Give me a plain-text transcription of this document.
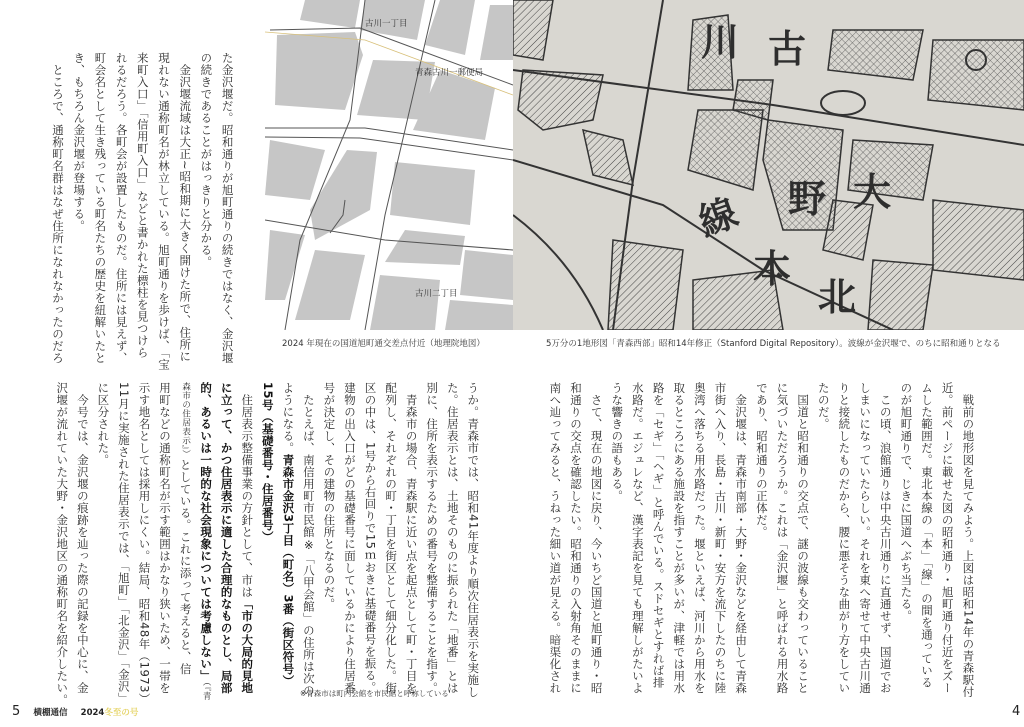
た金沢堰だ。昭和通りが旭町通りの続きではなく、金沢堰
の続きであることがはっきりと分かる。
　金沢堰流域は大正~昭和期に大きく開けた所で、住所に
現れない通称町名が林立している。旭町通りを歩けば、「宝
来町入口」「信用町入口」などと書かれた標柱を見つけら
れるだろう。各町会が設置したものだ。住所には見えず、
町会名として生き残っている町名たちの歴史を紐解いたと
き、もちろん金沢堰が登場する。
　ところで、通称町名群はなぜ住所になれなかったのだろ
うか。青森市では、昭和41年度より順次住居表示を実施し
た。住居表示とは、土地そのものに振られた「地番」とは
別に、住所を表示するための番号を整備することを指す。
　青森市の場合、青森駅に近い点を起点として町・丁目を
配列し、それぞれの町・丁目を街区として細分化した。街
区の中は、1号から右回りで15ｍおきに基礎番号を振る。
建物の出入口がどの基礎番号に面しているかにより住居番
号が決定し、その建物の住所となるのだ。
　たとえば、南信用町市民館※「八甲会館」の住所は次の
ようになる。青森市金沢3丁目（町名）3番（街区符号）
15号（基礎番号・住居番号）
　住居表示整備事業の方針として、市は「市の大局的見地
に立って、かつ住居表示に適した合理的なものとし、局部
的、あるいは一時的な社会現象については考慮しない」（『青
森市の住居表示』）としている。これに添って考えると、信
用町などの通称町名が示す範囲はかなり狭いため、一帯を
示す地名としては採用しにくい。結局、昭和48年（1973）
11月に実施された住居表示では、「旭町」「北金沢」「金沢」
に区分された。
　今号では、金沢堰の痕跡を辿った際の記録を中心に、金
沢堰が流れていた大野・金沢地区の通称町名を紹介したい。	　戦前の地形図を見てみよう。上図は昭和14年の青森駅付
近。前ページに載せた図の昭和通り・旭町通り付近をズー
ムした範囲だ。東北本線の「本」「線」の間を通っている
のが旭町通りで、じきに国道へぶち当たる。
　この頃、浪館通りは中央古川通りに直通せず、国道でお
しまいになっていたらしい。それを東へ寄せて中央古川通
りと接続したものだから、腰に悪そうな曲がり方をしてい
たのだ。
　国道と昭和通りの交点で、謎の波線も交わっていること
に気づいただろうか。これは「金沢堰」と呼ばれる用水路
であり、昭和通りの正体だ。
　金沢堰は、青森市南部・大野・金沢などを経由して青森
市街へ入り、長島・古川・新町・安方を流下したのちに陸
奥湾へ落ちる用水路だった。堰といえば、河川から用水を
取るところにある施設を指すことが多いが、津軽では用水
路を「セギ」「ヘギ」と呼んでいる。スドセギとすれば排
水路だ。エジュレなど、漢字表記を見ても理解しがたいよ
うな響きの語もある。
　さて、現在の地図に戻り、今いちど国道と旭町通り・昭
和通りの交点を確認したい。昭和通りの入射角そのままに
南へ辿ってみると、うねった細い道が見える。暗渠化され
古川一丁目
青森古川一郵便局
古川二丁目
川 古
野 大
線
本
北
2024 年現在の国道旭町通交差点付近（地理院地図）	5万分の1地形図「青森西部」昭和14年修正（Stanford Digital Repository）。波線が金沢堰で、のちに昭和通りとなる
※青森市は町内会館を市民館と呼称している
5 横棚通信 2024冬至の号	4
